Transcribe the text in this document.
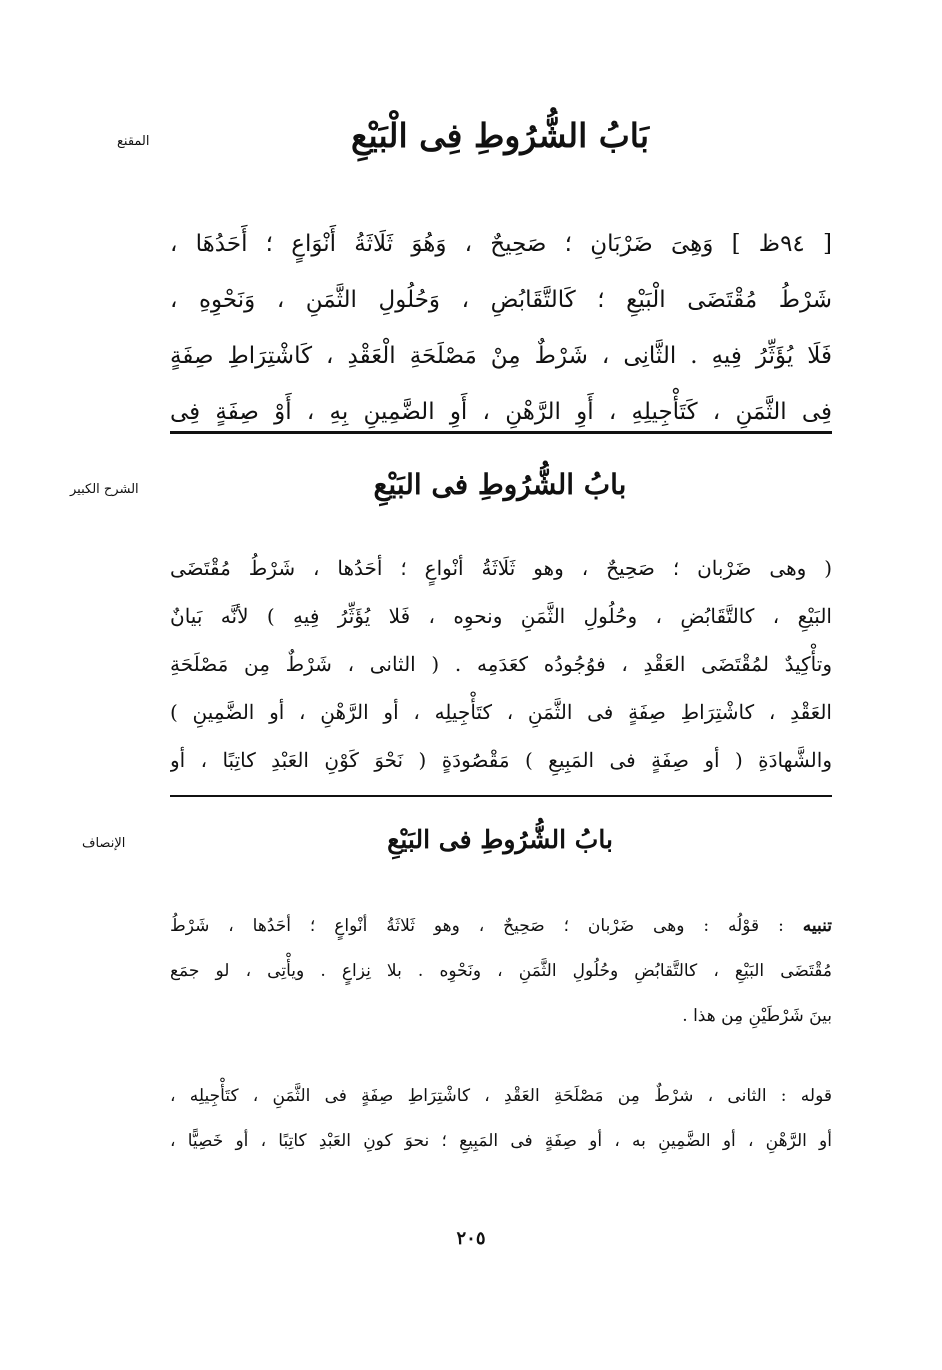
المقنع	بَابُ الشُّرُوطِ فِى الْبَيْعِ
[ ٩٤ظ ] وَهِىَ ضَرْبَانِ ؛ صَحِيحٌ ، وَهُوَ ثَلَاثَةُ أَنْوَاعٍ ؛ أَحَدُهَا ،
شَرْطُ مُقْتَضَى الْبَيْعِ ؛ كَالتَّقَابُضِ ، وَحُلُولِ الثَّمَنِ ، وَنَحْوِهِ ،
فَلَا يُؤَثِّرُ فِيهِ . الثَّانِى ، شَرْطٌ مِنْ مَصْلَحَةِ الْعَقْدِ ، كَاشْتِرَاطِ صِفَةٍ
فِى الثَّمَنِ ، كَتَأْجِيلِهِ ، أَوِ الرَّهْنِ ، أَوِ الضَّمِينِ بِهِ ، أَوْ صِفَةٍ فِى
الشرح الكبير	بابُ الشُّرُوطِ فى البَيْعِ
( وهى ضَرْبان ؛ صَحِيحٌ ، وهو ثَلَاثَةُ أنْواعٍ ؛ أحَدُها ، شَرْطُ مُقْتَضَى
البَيْعِ ، كالتَّقَابُضِ ، وحُلُولِ الثَّمَنِ ونحوِه ، فَلا يُؤَثِّرُ فِيهِ ) لأنَّه بَيانٌ
وتأْكِيدٌ لمُقْتَضَى العَقْدِ ، فوُجُودُه كعَدَمِه . ( الثانى ، شَرْطٌ مِن مَصْلَحَةِ
العَقْدِ ، كاشْتِرَاطِ صِفَةٍ فى الثَّمَنِ ، كتَأْجِيلِه ، أو الرَّهْنِ ، أو الضَّمِينِ )
والشَّهادَةِ ( أو صِفَةٍ فى المَبِيعِ ) مَقْصُودَةٍ ( نَحْوَ كَوْنِ العَبْدِ كاتِبًا ، أو
الإنصاف	بابُ الشُّرُوطِ فى البَيْعِ
تنبيه : قوْلُه : وهى ضَرْبان ؛ صَحِيحٌ ، وهو ثَلاثَةُ أنْواعٍ ؛ أحَدُها ، شَرْطُ
مُقْتَضَى البَيْعِ ، كالتَّقابُضِ وحُلُولِ الثَّمَنِ ، ونَحْوِه . بلا نِزاعٍ . ويأْتِى ، لو جمَع
بينَ شَرْطَيْنِ مِن هذا .
قوله : الثانى ، شرْطٌ مِن مَصْلَحَةِ العَقْدِ ، كاشْتِرَاطِ صِفَةٍ فى الثَّمَنِ ، كتَأْجِيلِه ،
أو الرَّهْنِ ، أو الضَّمِينِ به ، أو صِفَةٍ فى المَبِيعِ ؛ نحوَ كونِ العَبْدِ كاتِبًا ، أو خَصِيًّا ،
٢٠٥
